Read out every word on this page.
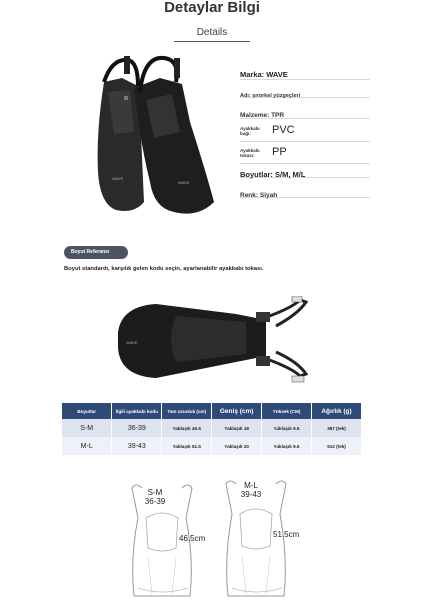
Detaylar Bilgi
Details
WAVE
WAVE
Marka: WAVE
Adı: şnorkel yüzgeçleri
Malzeme: TPR
Ayakkabı bağı:	PVC
Ayakkabı tokası:	PP
Boyutlar: S/M, M/L
Renk: Siyah
Boyut Referansı
Boyut standardı, karşılık gelen kodu seçin, ayarlanabilir ayakkabı tokası.
WAVE
Boyutlar	İlgili ayakkabı kodu	Tam uzunluk (cm)	Geniş (cm)	Yüksek (CM)	Ağırlık (g)
S-M	36-39	Yaklaşık 46.5	Yaklaşık 18	Yaklaşık 9.5	367 (tek)
M-L	39-43	Yaklaşık 51.5	Yaklaşık 20	Yaklaşık 9.5	512 (tek)
S-M
36-39
46.5cm
M-L
39-43
51.5cm
